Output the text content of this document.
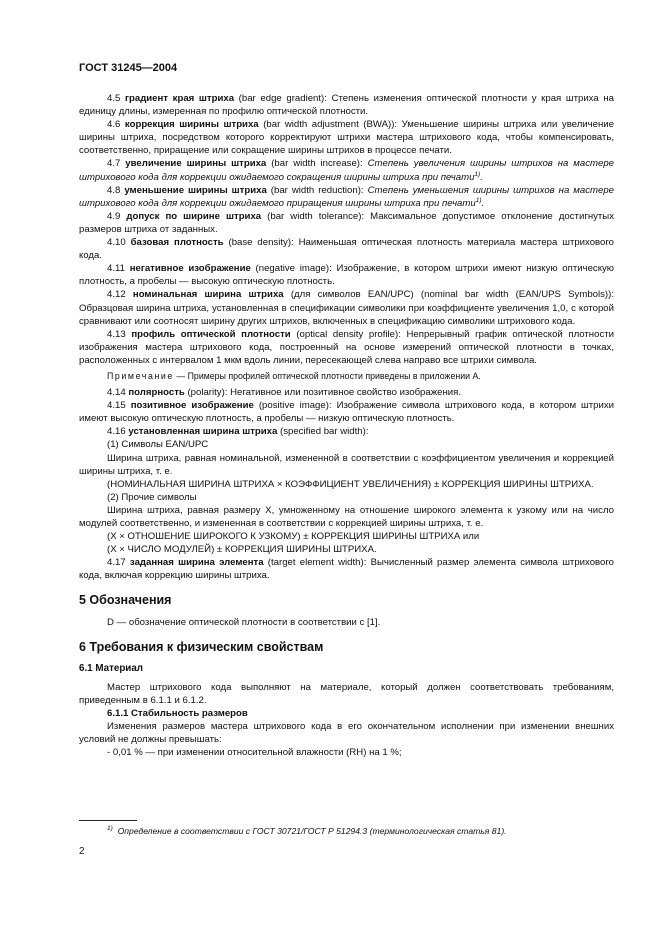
ГОСТ 31245—2004

4.5 градиент края штриха (bar edge gradient): Степень изменения оптической плотности у края штриха на единицу длины, измеренная по профилю оптической плотности.

4.6 коррекция ширины штриха (bar width adjustment (BWA)): Уменьшение ширины штриха или увеличение ширины штриха, посредством которого корректируют штрихи мастера штрихового кода, чтобы компенсировать, соответственно, приращение или сокращение ширины штрихов в процессе печати.

4.7 увеличение ширины штриха (bar width increase): Степень увеличения ширины штрихов на мастере штрихового кода для коррекции ожидаемого сокращения ширины штриха при печати$^{1)}$.

4.8 уменьшение ширины штриха (bar width reduction): Степень уменьшения ширины штрихов на мастере штрихового кода для коррекции ожидаемого приращения ширины штриха при печати$^{1)}$.

4.9 допуск по ширине штриха (bar width tolerance): Максимальное допустимое отклонение достигнутых размеров штриха от заданных.

4.10 базовая плотность (base density): Наименьшая оптическая плотность материала мастера штрихового кода.

4.11 негативное изображение (negative image): Изображение, в котором штрихи имеют низкую оптическую плотность, а пробелы — высокую оптическую плотность.

4.12 номинальная ширина штриха (для символов EAN/UPC) (nominal bar width (EAN/UPS Symbols)): Образцовая ширина штриха, установленная в спецификации символики при коэффициенте увеличения 1,0, с которой сравнивают или соотносят ширину других штрихов, включенных в спецификацию символики штрихового кода.

4.13 профиль оптической плотности (optical density profile): Непрерывный график оптической плотности изображения мастера штрихового кода, построенный на основе измерений оптической плотности в точках, расположенных с интервалом 1 мкм вдоль линии, пересекающей слева направо все штрихи символа.

Примечание — Примеры профилей оптической плотности приведены в приложении А.

4.14 полярность (polarity): Негативное или позитивное свойство изображения.

4.15 позитивное изображение (positive image): Изображение символа штрихового кода, в котором штрихи имеют высокую оптическую плотность, а пробелы — низкую оптическую плотность.

4.16 установленная ширина штриха (specified bar width):

(1) Символы EAN/UPC

Ширина штриха, равная номинальной, измененной в соответствии с коэффициентом увеличения и коррекцией ширины штриха, т. е.

(НОМИНАЛЬНАЯ ШИРИНА ШТРИХА × КОЭФФИЦИЕНТ УВЕЛИЧЕНИЯ) ± КОРРЕКЦИЯ ШИРИНЫ ШТРИХА.

(2) Прочие символы

Ширина штриха, равная размеру X, умноженному на отношение широкого элемента к узкому или на число модулей соответственно, и измененная в соответствии с коррекцией ширины штриха, т. е.

(X × ОТНОШЕНИЕ ШИРОКОГО К УЗКОМУ) ± КОРРЕКЦИЯ ШИРИНЫ ШТРИХА или

(X × ЧИСЛО МОДУЛЕЙ) ± КОРРЕКЦИЯ ШИРИНЫ ШТРИХА.

4.17 заданная ширина элемента (target element width): Вычисленный размер элемента символа штрихового кода, включая коррекцию ширины штриха.

5 Обозначения

D — обозначение оптической плотности в соответствии с [1].

6 Требования к физическим свойствам
6.1 Материал

Мастер штрихового кода выполняют на материале, который должен соответствовать требованиям, приведенным в 6.1.1 и 6.1.2.

6.1.1 Стабильность размеров

Изменения размеров мастера штрихового кода в его окончательном исполнении при изменении внешних условий не должны превышать:

- 0,01 % — при изменении относительной влажности (RH) на 1 %;

$^{1)}$ Определение в соответствии с ГОСТ 30721/ГОСТ Р 51294.3 (терминологическая статья 81).
2
